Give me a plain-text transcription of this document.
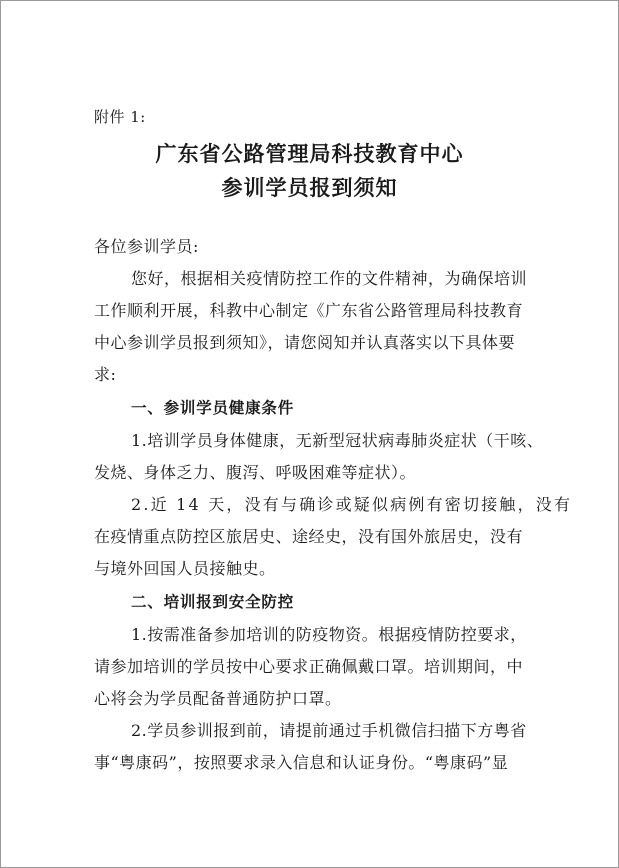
附件 1:
广东省公路管理局科技教育中心
参训学员报到须知
各位参训学员:
您好，根据相关疫情防控工作的文件精神，为确保培训
工作顺利开展，科教中心制定《广东省公路管理局科技教育
中心参训学员报到须知》，请您阅知并认真落实以下具体要
求:
一、参训学员健康条件
1.培训学员身体健康，无新型冠状病毒肺炎症状（干咳、
发烧、身体乏力、腹泻、呼吸困难等症状）。
2.近 14 天，没有与确诊或疑似病例有密切接触，没有
在疫情重点防控区旅居史、途经史，没有国外旅居史，没有
与境外回国人员接触史。
二、培训报到安全防控
1.按需准备参加培训的防疫物资。根据疫情防控要求，
请参加培训的学员按中心要求正确佩戴口罩。培训期间，中
心将会为学员配备普通防护口罩。
2.学员参训报到前，请提前通过手机微信扫描下方粤省
事“粤康码”，按照要求录入信息和认证身份。“粤康码”显
